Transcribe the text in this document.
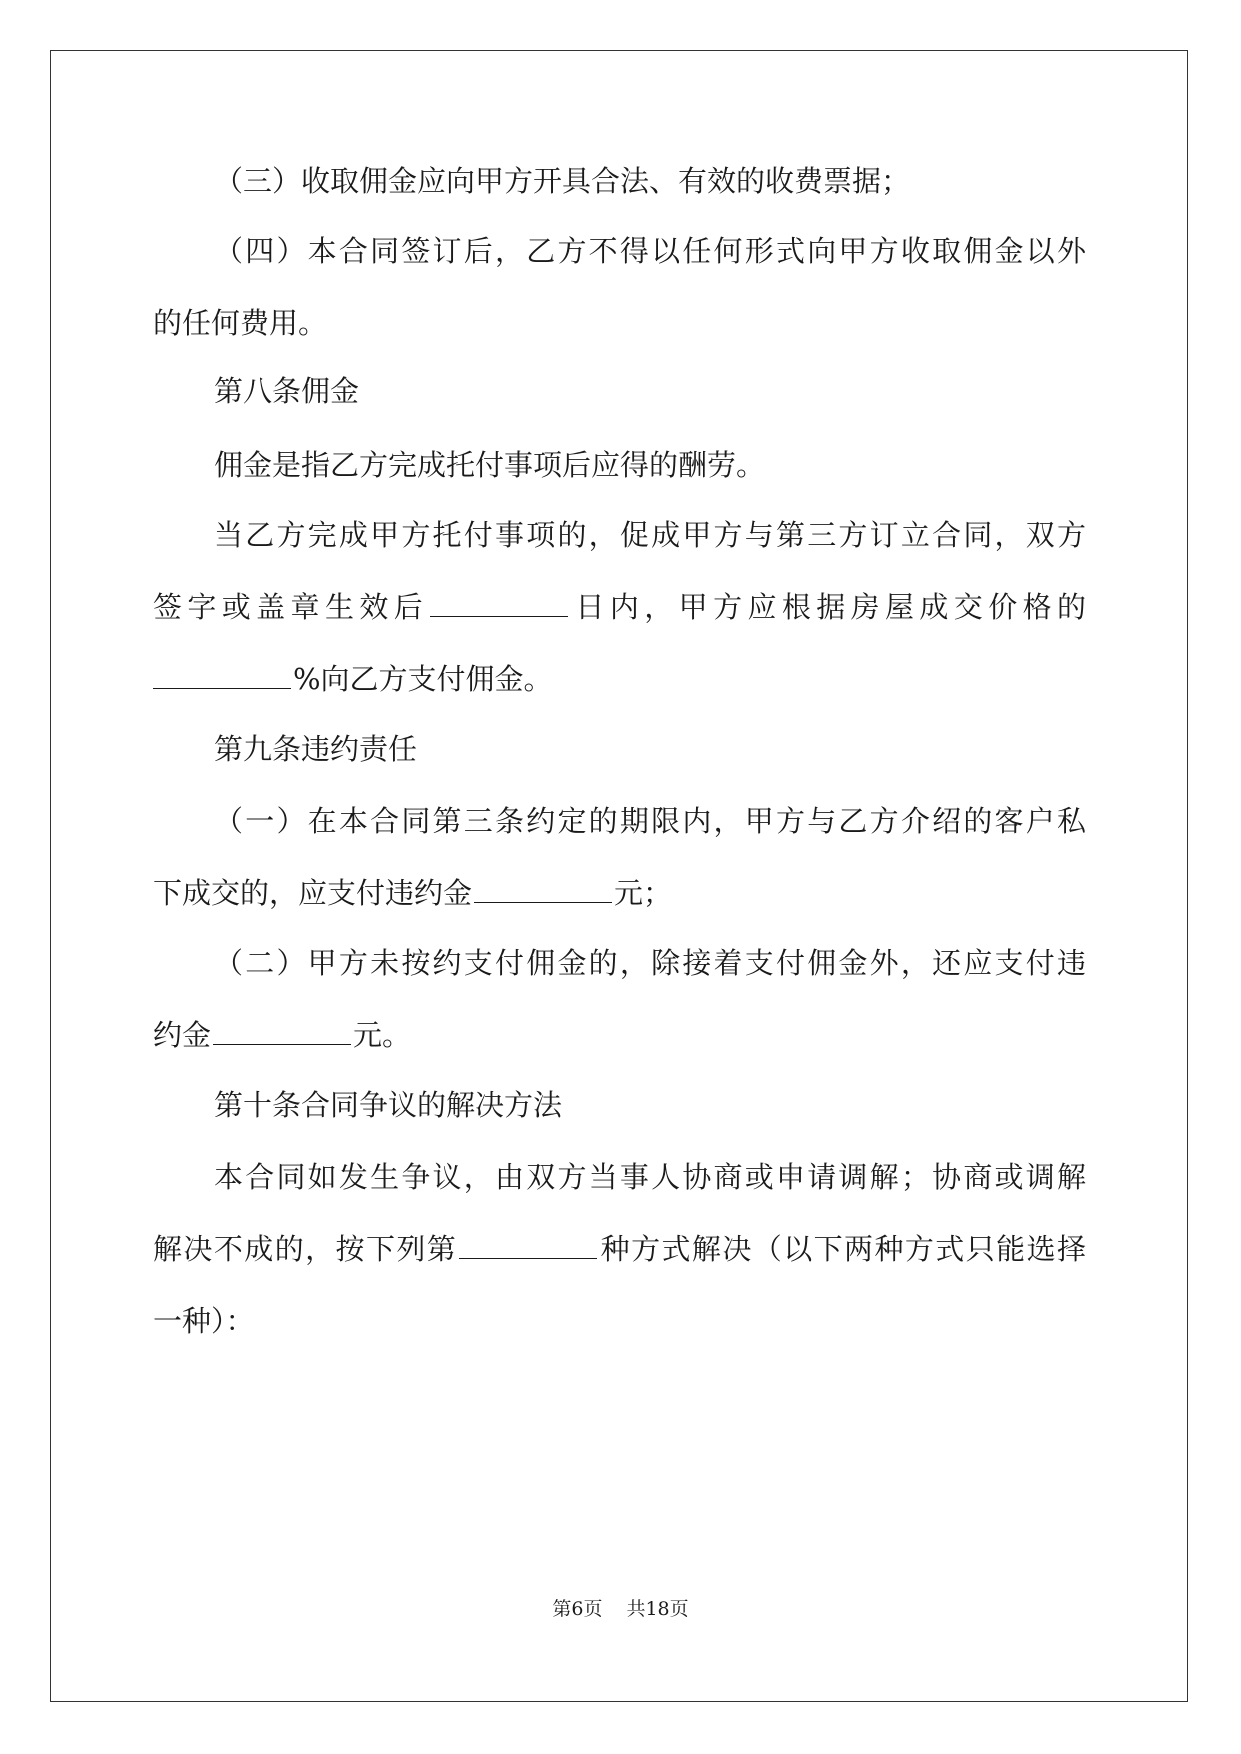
（三）收取佣金应向甲方开具合法、有效的收费票据；
（四）本合同签订后，乙方不得以任何形式向甲方收取佣金以外
的任何费用。
第八条佣金
佣金是指乙方完成托付事项后应得的酬劳。
当乙方完成甲方托付事项的，促成甲方与第三方订立合同，双方
签字或盖章生效后	日内，甲方应根据房屋成交价格的
%向乙方支付佣金。
第九条违约责任
（一）在本合同第三条约定的期限内，甲方与乙方介绍的客户私
下成交的，应支付违约金	元；
（二）甲方未按约支付佣金的，除接着支付佣金外，还应支付违
约金	元。
第十条合同争议的解决方法
本合同如发生争议，由双方当事人协商或申请调解；协商或调解
解决不成的，按下列第	种方式解决（以下两种方式只能选择
一种）：
第6页 共18页
